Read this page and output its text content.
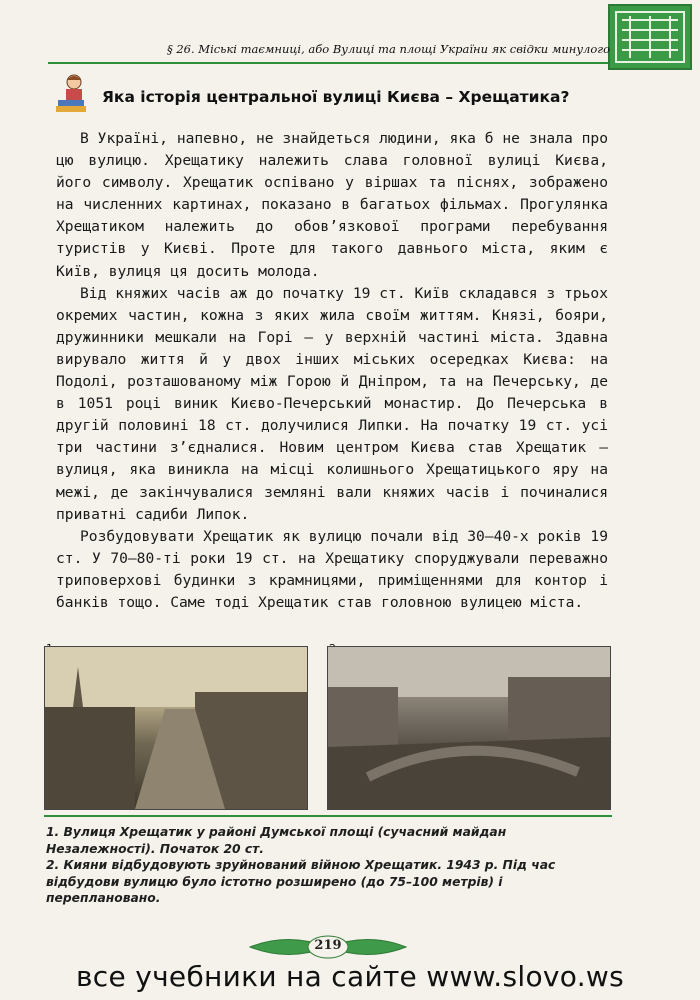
§ 26. Міські таємниці, або Вулиці та площі України як свідки минулого
Яка історія центральної вулиці Києва – Хрещатика?

В Україні, напевно, не знайдеться людини, яка б не знала про цю вулицю. Хрещатику належить слава головної вулиці Києва, його символу. Хрещатик оспівано у віршах та піснях, зображено на численних картинах, показано в багатьох фільмах. Прогулянка Хрещатиком належить до обов’язкової програми перебування туристів у Києві. Проте для такого давнього міста, яким є Київ, вулиця ця досить молода.

Від княжих часів аж до початку 19 ст. Київ складався з трьох окремих частин, кожна з яких жила своїм життям. Князі, бояри, дружинники мешкали на Горі – у верхній частині міста. Здавна вирувало життя й у двох інших міських осередках Києва: на Подолі, розташованому між Горою й Дніпром, та на Печерську, де в 1051 році виник Києво-Печерський монастир. До Печерська в другій половині 18 ст. долучилися Липки. На початку 19 ст. усі три частини з’єдналися. Новим центром Києва став Хрещатик – вулиця, яка виникла на місці колишнього Хрещатицького яру на межі, де закінчувалися земляні вали княжих часів і починалися приватні садиби Липок.

Розбудовувати Хрещатик як вулицю почали від 30–40-х років 19 ст. У 70–80-ті роки 19 ст. на Хрещатику споруджували переважно триповерхові будинки з крамницями, приміщеннями для контор і банків тощо. Саме тоді Хрещатик став головною вулицею міста.

1. Вулиця Хрещатик у районі Думської площі (сучасний майдан Незалежності). Початок 20 ст.

2. Кияни відбудовують зруйнований війною Хрещатик. 1943 р. Під час відбудови вулицю було істотно розширено (до 75–100 метрів) і переплановано.

219
все учебники на сайте www.slovo.ws
